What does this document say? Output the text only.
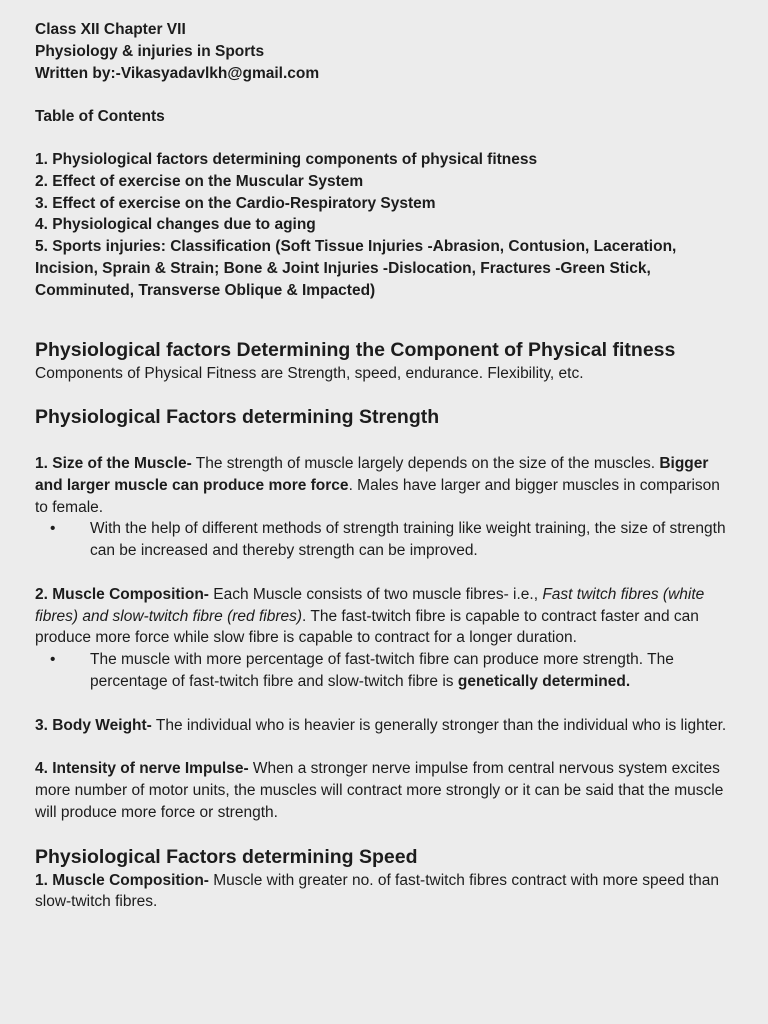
Class XII Chapter VII
Physiology & injuries in Sports
Written by:-Vikasyadavlkh@gmail.com
Table of Contents
1. Physiological factors determining components of physical fitness
2. Effect of exercise on the Muscular System
3. Effect of exercise on the Cardio-Respiratory System
4. Physiological changes due to aging
5. Sports injuries: Classification (Soft Tissue Injuries -Abrasion, Contusion, Laceration, Incision, Sprain & Strain; Bone & Joint Injuries -Dislocation, Fractures -Green Stick, Comminuted, Transverse Oblique & Impacted)
Physiological factors Determining the Component of Physical fitness
Components of Physical Fitness are Strength, speed, endurance. Flexibility, etc.
Physiological Factors determining Strength

1. Size of the Muscle- The strength of muscle largely depends on the size of the muscles. Bigger and larger muscle can produce more force. Males have larger and bigger muscles in comparison to female.

• With the help of different methods of strength training like weight training, the size of strength can be increased and thereby strength can be improved.

2. Muscle Composition- Each Muscle consists of two muscle fibres- i.e., Fast twitch fibres (white fibres) and slow-twitch fibre (red fibres). The fast-twitch fibre is capable to contract faster and can produce more force while slow fibre is capable to contract for a longer duration.

• The muscle with more percentage of fast-twitch fibre can produce more strength. The percentage of fast-twitch fibre and slow-twitch fibre is genetically determined.

3. Body Weight- The individual who is heavier is generally stronger than the individual who is lighter.

4. Intensity of nerve Impulse- When a stronger nerve impulse from central nervous system excites more number of motor units, the muscles will contract more strongly or it can be said that the muscle will produce more force or strength.

Physiological Factors determining Speed

1. Muscle Composition- Muscle with greater no. of fast-twitch fibres contract with more speed than slow-twitch fibres.
